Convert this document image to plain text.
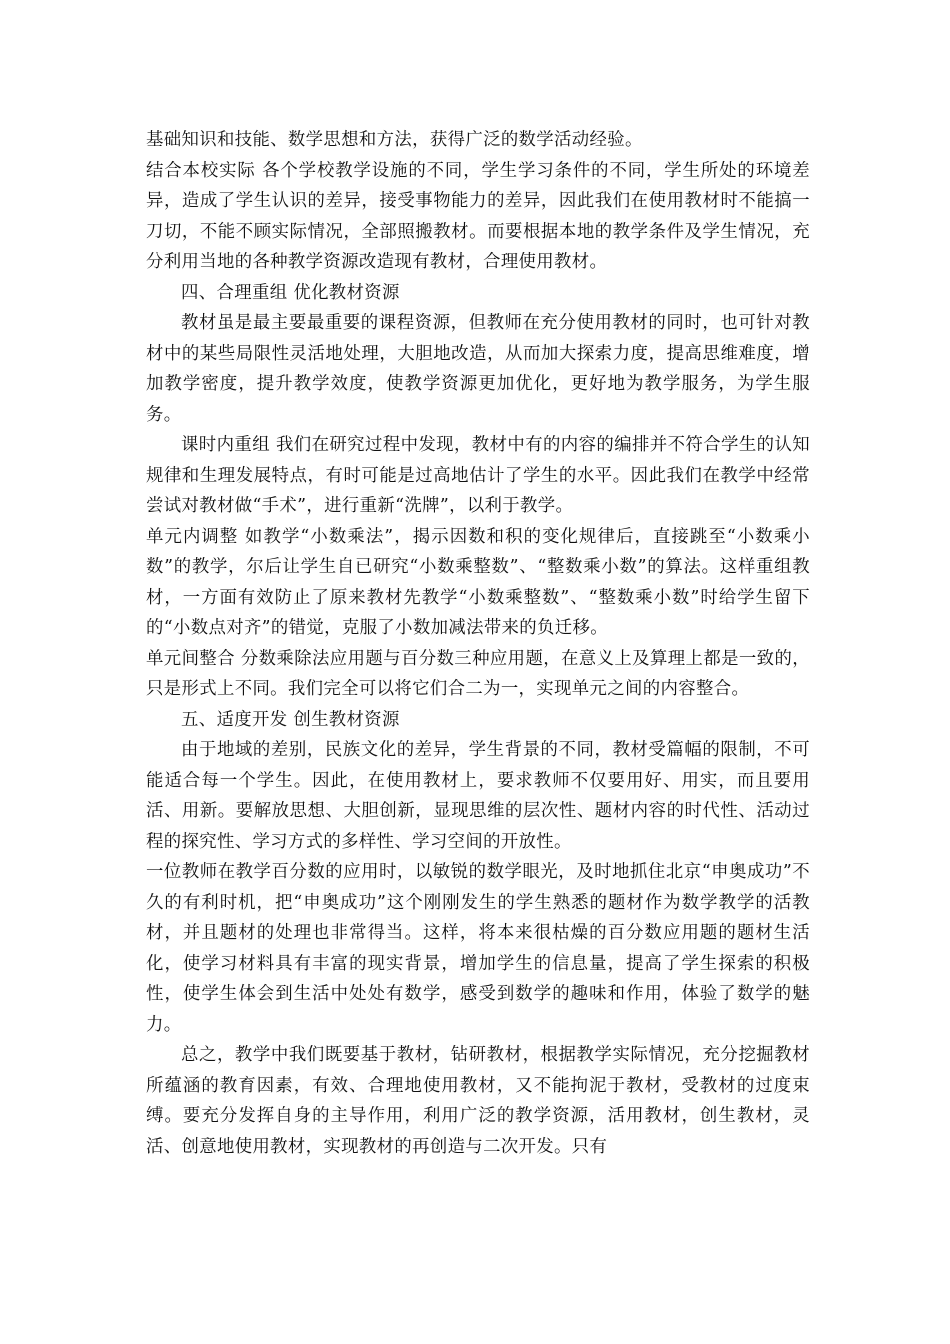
基础知识和技能、数学思想和方法，获得广泛的数学活动经验。

结合本校实际 各个学校教学设施的不同，学生学习条件的不同，学生所处的环境差异，造成了学生认识的差异，接受事物能力的差异，因此我们在使用教材时不能搞一刀切，不能不顾实际情况，全部照搬教材。而要根据本地的教学条件及学生情况，充分利用当地的各种教学资源改造现有教材，合理使用教材。

四、合理重组 优化教材资源

教材虽是最主要最重要的课程资源，但教师在充分使用教材的同时，也可针对教材中的某些局限性灵活地处理，大胆地改造，从而加大探索力度，提高思维难度，增加教学密度，提升教学效度，使教学资源更加优化，更好地为教学服务，为学生服务。

课时内重组 我们在研究过程中发现，教材中有的内容的编排并不符合学生的认知规律和生理发展特点，有时可能是过高地估计了学生的水平。因此我们在教学中经常尝试对教材做“手术”，进行重新“洗牌”，以利于教学。

单元内调整 如教学“小数乘法”，揭示因数和积的变化规律后，直接跳至“小数乘小数”的教学，尔后让学生自已研究“小数乘整数”、“整数乘小数”的算法。这样重组教材，一方面有效防止了原来教材先教学“小数乘整数”、“整数乘小数”时给学生留下的“小数点对齐”的错觉，克服了小数加减法带来的负迁移。

单元间整合 分数乘除法应用题与百分数三种应用题，在意义上及算理上都是一致的，只是形式上不同。我们完全可以将它们合二为一，实现单元之间的内容整合。

五、适度开发 创生教材资源

由于地域的差别，民族文化的差异，学生背景的不同，教材受篇幅的限制，不可能适合每一个学生。因此，在使用教材上，要求教师不仅要用好、用实，而且要用活、用新。要解放思想、大胆创新，显现思维的层次性、题材内容的时代性、活动过程的探究性、学习方式的多样性、学习空间的开放性。

一位教师在教学百分数的应用时，以敏锐的数学眼光，及时地抓住北京“申奥成功”不久的有利时机，把“申奥成功”这个刚刚发生的学生熟悉的题材作为数学教学的活教材，并且题材的处理也非常得当。这样，将本来很枯燥的百分数应用题的题材生活化，使学习材料具有丰富的现实背景，增加学生的信息量，提高了学生探索的积极性，使学生体会到生活中处处有数学，感受到数学的趣味和作用，体验了数学的魅力。

总之，教学中我们既要基于教材，钻研教材，根据教学实际情况，充分挖掘教材所蕴涵的教育因素，有效、合理地使用教材，又不能拘泥于教材，受教材的过度束缚。要充分发挥自身的主导作用，利用广泛的教学资源，活用教材，创生教材，灵活、创意地使用教材，实现教材的再创造与二次开发。只有
